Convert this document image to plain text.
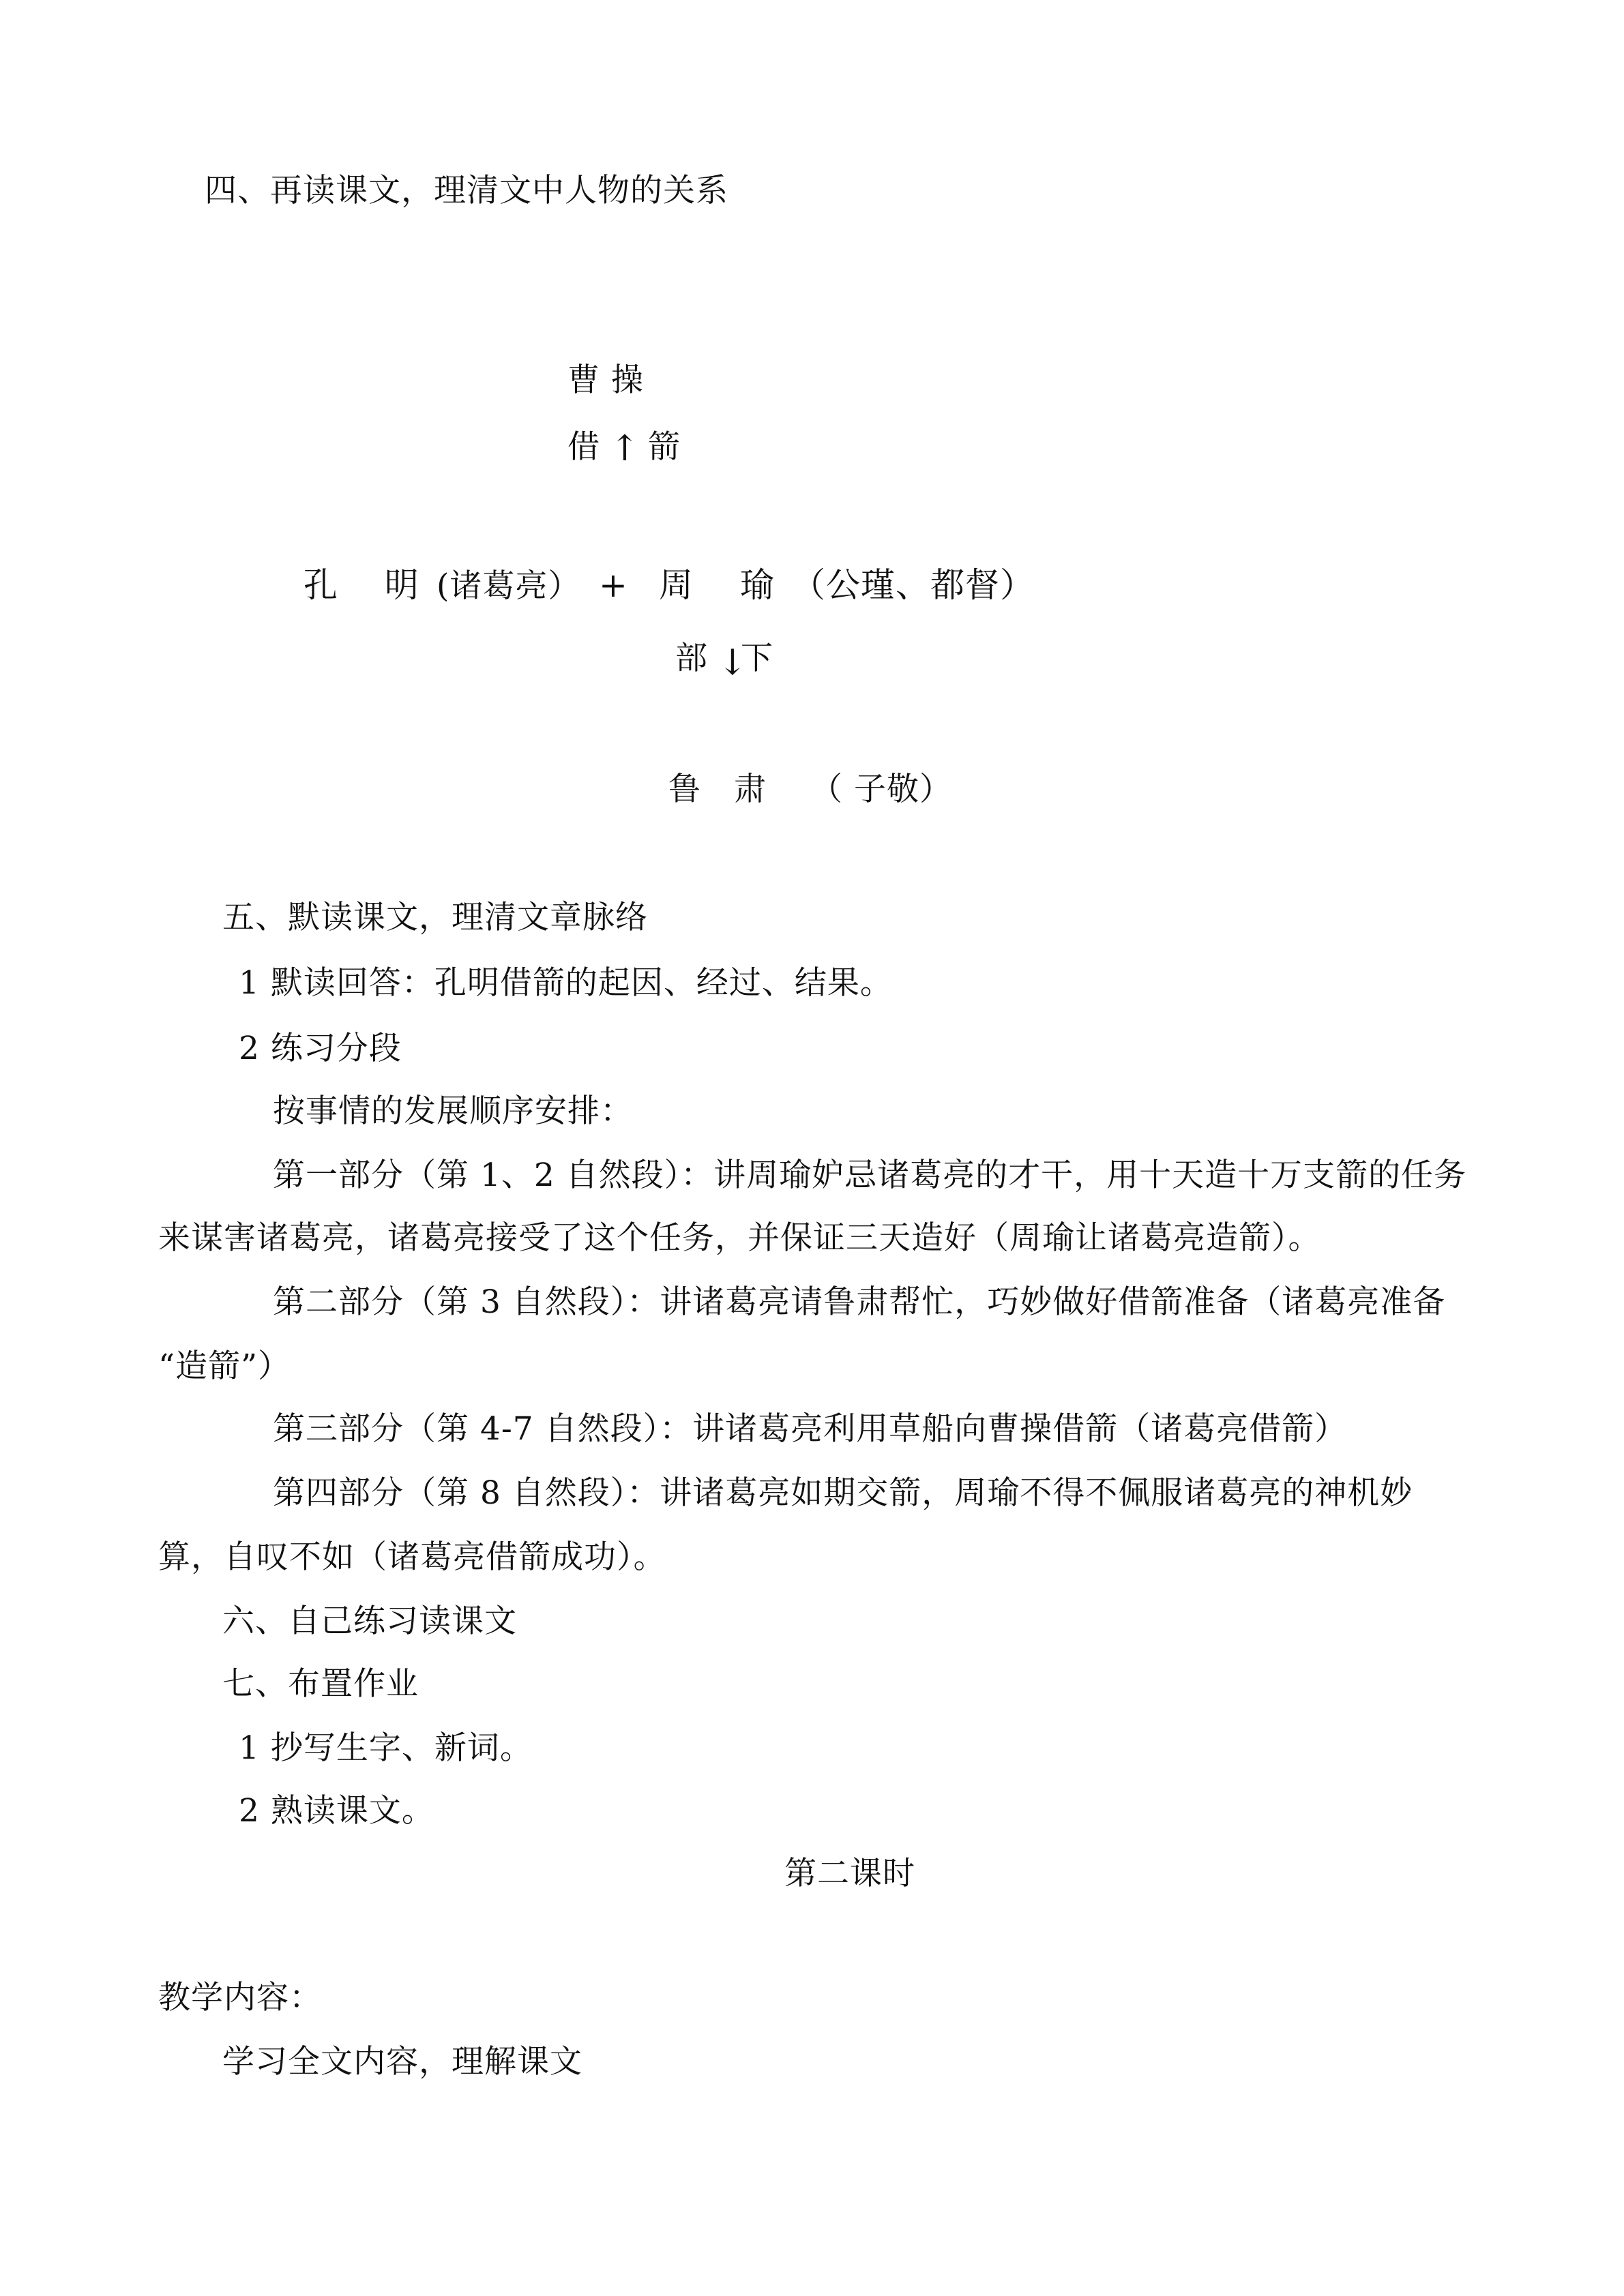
四、再读课文，理清文中人物的关系
曹 操
借 ↑ 箭
孔　 明 (诸葛亮） + 周　 瑜 （公瑾、都督）
部 ↓
下
鲁　肃 （ 子敬）
五、默读课文，理清文章脉络
1 默读回答：孔明借箭的起因、经过、结果。
2 练习分段
按事情的发展顺序安排：
第一部分（第 1、2 自然段）：讲周瑜妒忌诸葛亮的才干，用十天造十万支箭的任务
来谋害诸葛亮，诸葛亮接受了这个任务，并保证三天造好（周瑜让诸葛亮造箭）。
第二部分（第 3 自然段）：讲诸葛亮请鲁肃帮忙，巧妙做好借箭准备（诸葛亮准备
“造箭”）
第三部分（第 4-7 自然段）：讲诸葛亮利用草船向曹操借箭（诸葛亮借箭）
第四部分（第 8 自然段）：讲诸葛亮如期交箭，周瑜不得不佩服诸葛亮的神机妙
算，自叹不如（诸葛亮借箭成功）。
六、自己练习读课文
七、布置作业
1 抄写生字、新词。
2 熟读课文。
第二课时
教学内容：
学习全文内容，理解课文
